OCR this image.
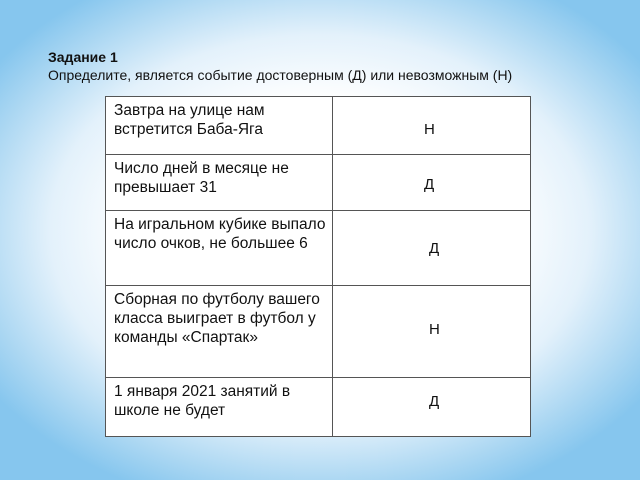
Задание 1
Определите, является событие достоверным (Д) или невозможным (Н)
Завтра на улице нам встретится Баба-Яга	Н

Число дней в месяце не превышает 31	Д

На игральном кубике выпало число очков, не большее 6	Д

Сборная по футболу вашего класса выиграет в футбол у команды «Спартак»	Н

1 января 2021 занятий в школе не будет	Д
